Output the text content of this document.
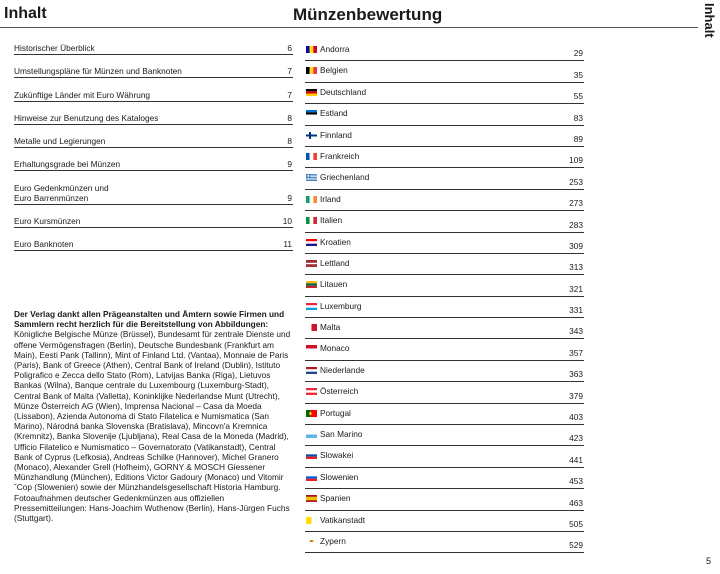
Inhalt	Münzenbewertung	Inhalt
Historischer Überblick	6
Umstellungspläne für Münzen und Banknoten	7
Zukünftige Länder mit Euro Währung	7
Hinweise zur Benutzung des Kataloges	8
Metalle und Legierungen	8
Erhaltungsgrade bei Münzen	9
Euro Gedenkmünzen und
Euro Barrenmünzen	9
Euro Kursmünzen	10
Euro Banknoten	11
Andorra	29
Belgien	35
Deutschland	55
Estland	83
Finnland	89
Frankreich	109
Griechenland	253
Irland	273
Italien	283
Kroatien	309
Lettland	313
Litauen	321
Luxemburg	331
Malta	343
Monaco	357
Niederlande	363
Österreich	379
Portugal	403
San Marino	423
Slowakei	441
Slowenien	453
Spanien	463
Vatikanstadt	505
Zypern	529
Der Verlag dankt allen Prägeanstalten und Ämtern sowie Firmen und Sammlern recht herzlich für die Bereitstellung von Abbildungen: Königliche Belgische Münze (Brüssel), Bundesamt für zentrale Dienste und offene Vermögensfragen (Berlin), Deutsche Bundesbank (Frankfurt am Main), Eesti Pank (Tallinn), Mint of Finland Ltd. (Vantaa), Monnaie de Paris (Paris), Bank of Greece (Athen), Central Bank of Ireland (Dublin), Istituto Poligrafico e Zecca dello Stato (Rom), Latvijas Banka (Riga), Lietuvos Bankas (Wilna), Banque centrale du Luxembourg (Luxemburg-Stadt), Central Bank of Malta (Valletta), Koninklijke Nederlandse Munt (Utrecht), Münze Österreich AG (Wien), Imprensa Nacional – Casa da Moeda (Lissabon), Azienda Autonoma di Stato Filatelica e Numismatica (San Marino), Národná banka Slovenska (Bratislava), Mincovn'a Kremnica (Kremnitz), Banka Slovenije (Ljubljana), Real Casa de la Moneda (Madrid), Ufficio Filatelico e Numismatico – Governatorato (Vatikanstadt), Central Bank of Cyprus (Lefkosia), Andreas Schilke (Hannover), Michel Granero (Monaco), Alexander Grell (Hofheim), GORNY & MOSCH Giessener Münzhandlung (München), Editions Victor Gadoury (Monaco) und Vitomir ˇCop (Slowenien) sowie der Münzhandelsgesellschaft Historia Hamburg. Fotoaufnahmen deutscher Gedenkmünzen aus offiziellen Pressemitteilungen: Hans-Joachim Wuthenow (Berlin), Hans-Jürgen Fuchs (Stuttgart).
5
